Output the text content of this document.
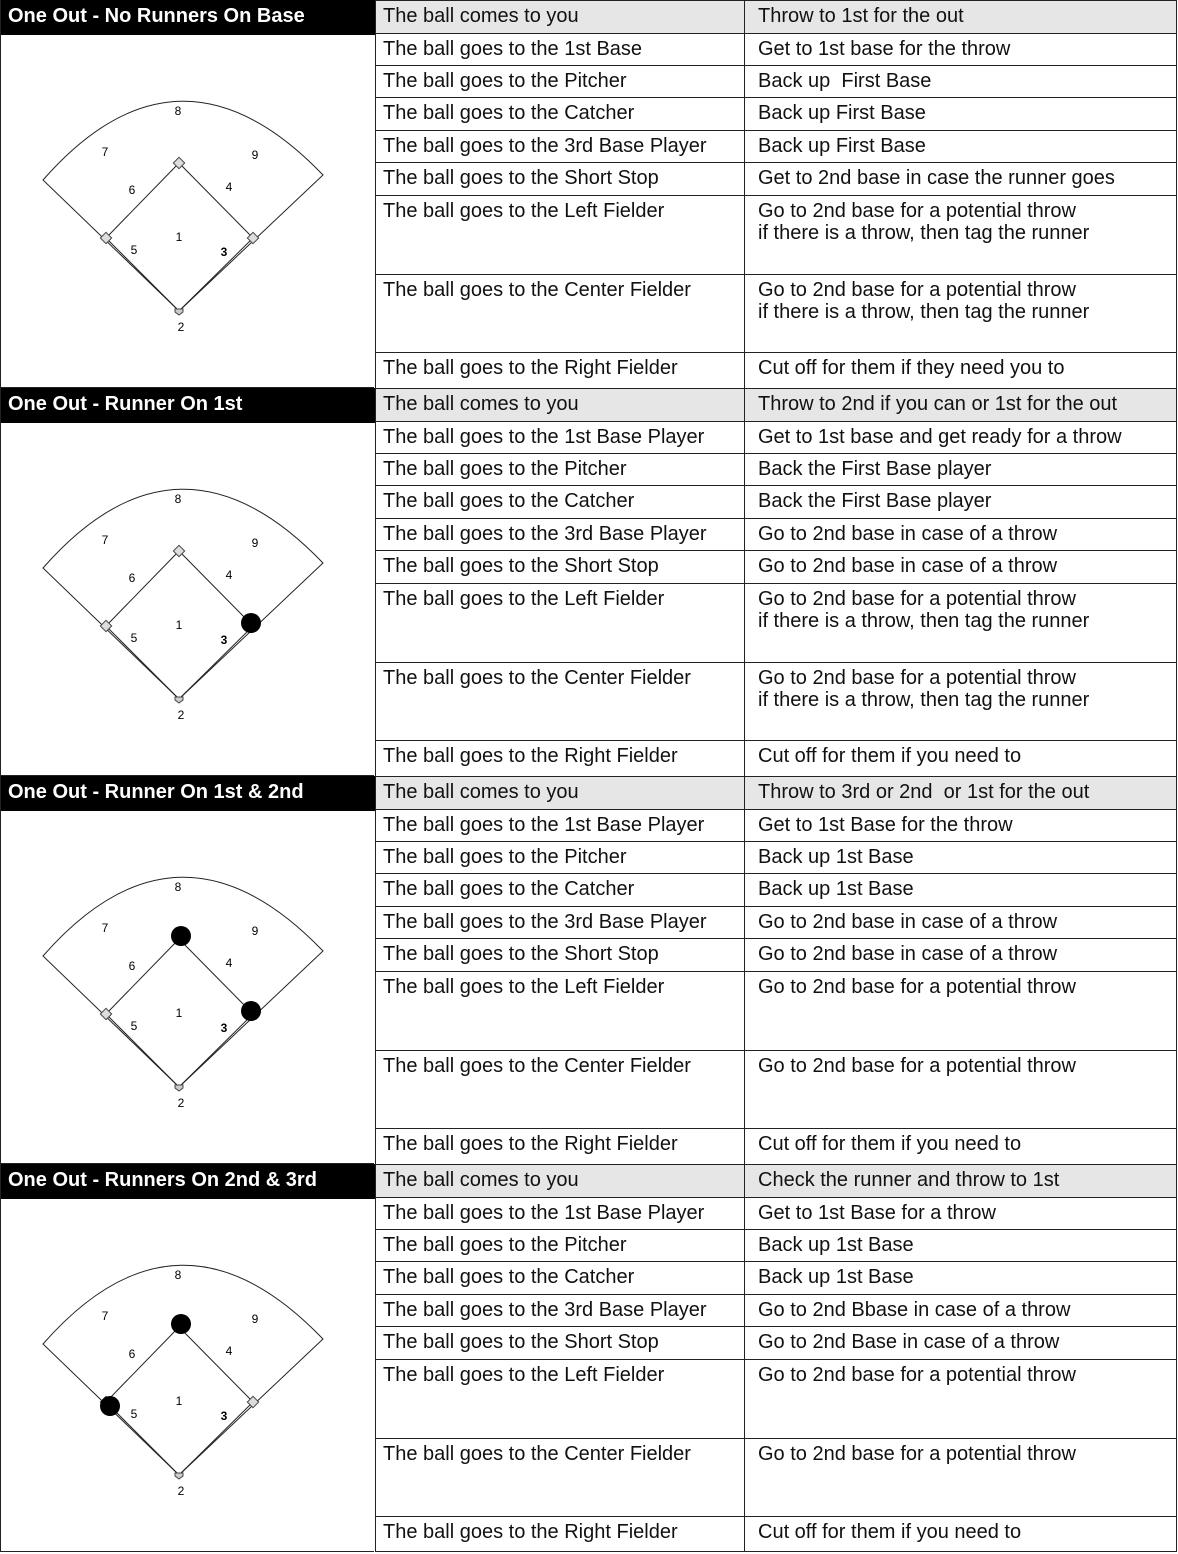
One Out - No Runners On Base
2
1
3
4
5
6
7
8
9
The ball comes to you	Throw to 1st for the out
The ball goes to the 1st Base	Get to 1st base for the throw
The ball goes to the Pitcher	Back up  First Base
The ball goes to the Catcher	Back up First Base
The ball goes to the 3rd Base Player	Back up First Base
The ball goes to the Short Stop	Get to 2nd base in case the runner goes
The ball goes to the Left Fielder	Go to 2nd base for a potential throw
if there is a throw, then tag the runner
The ball goes to the Center Fielder	Go to 2nd base for a potential throw
if there is a throw, then tag the runner
The ball goes to the Right Fielder	Cut off for them if they need you to
One Out - Runner On 1st
2
1
3
4
5
6
7
8
9
The ball comes to you	Throw to 2nd if you can or 1st for the out
The ball goes to the 1st Base Player	Get to 1st base and get ready for a throw
The ball goes to the Pitcher	Back the First Base player
The ball goes to the Catcher	Back the First Base player
The ball goes to the 3rd Base Player	Go to 2nd base in case of a throw
The ball goes to the Short Stop	Go to 2nd base in case of a throw
The ball goes to the Left Fielder	Go to 2nd base for a potential throw
if there is a throw, then tag the runner
The ball goes to the Center Fielder	Go to 2nd base for a potential throw
if there is a throw, then tag the runner
The ball goes to the Right Fielder	Cut off for them if you need to
One Out - Runner On 1st & 2nd
2
1
3
4
5
6
7
8
9
The ball comes to you	Throw to 3rd or 2nd  or 1st for the out
The ball goes to the 1st Base Player	Get to 1st Base for the throw
The ball goes to the Pitcher	Back up 1st Base
The ball goes to the Catcher	Back up 1st Base
The ball goes to the 3rd Base Player	Go to 2nd base in case of a throw
The ball goes to the Short Stop	Go to 2nd base in case of a throw
The ball goes to the Left Fielder	Go to 2nd base for a potential throw
The ball goes to the Center Fielder	Go to 2nd base for a potential throw
The ball goes to the Right Fielder	Cut off for them if you need to
One Out - Runners On 2nd & 3rd
2
1
3
4
5
6
7
8
9
The ball comes to you	Check the runner and throw to 1st
The ball goes to the 1st Base Player	Get to 1st Base for a throw
The ball goes to the Pitcher	Back up 1st Base
The ball goes to the Catcher	Back up 1st Base
The ball goes to the 3rd Base Player	Go to 2nd Bbase in case of a throw
The ball goes to the Short Stop	Go to 2nd Base in case of a throw
The ball goes to the Left Fielder	Go to 2nd base for a potential throw
The ball goes to the Center Fielder	Go to 2nd base for a potential throw
The ball goes to the Right Fielder	Cut off for them if you need to
